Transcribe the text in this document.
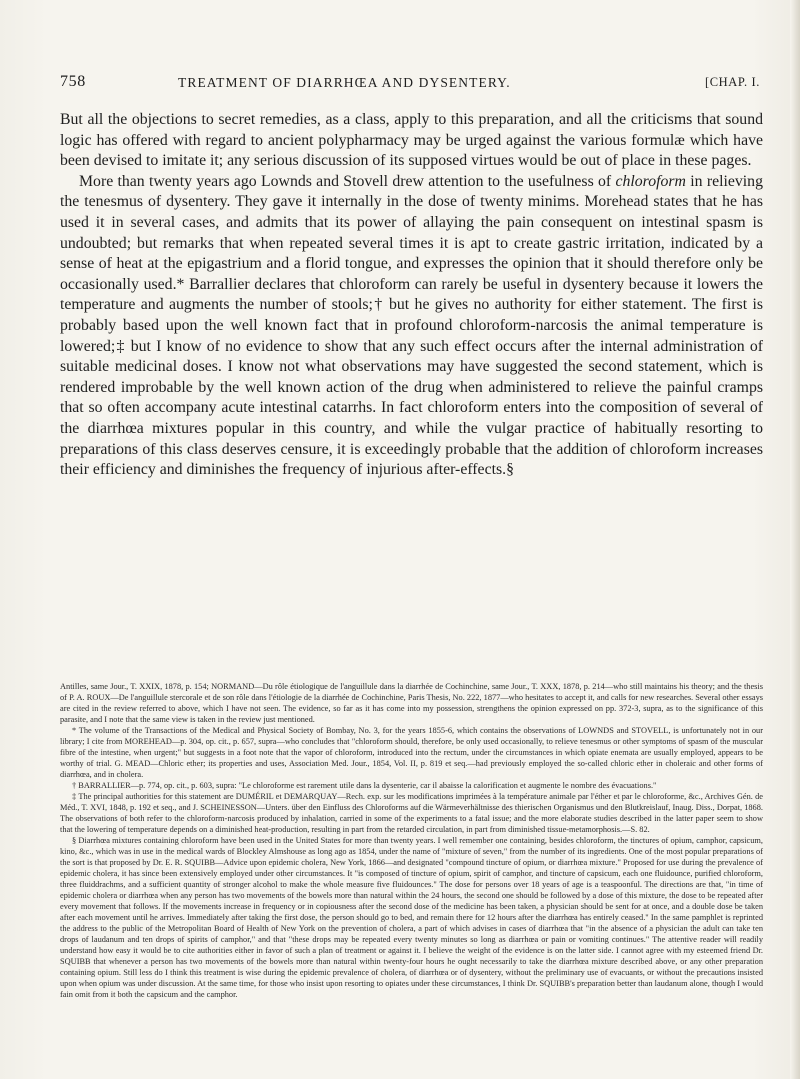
758	TREATMENT OF DIARRHŒA AND DYSENTERY.	[CHAP. I.

But all the objections to secret remedies, as a class, apply to this preparation, and all the criticisms that sound logic has offered with regard to ancient polypharmacy may be urged against the various formulæ which have been devised to imitate it; any serious discussion of its supposed virtues would be out of place in these pages.

More than twenty years ago Lownds and Stovell drew attention to the usefulness of chloroform in relieving the tenesmus of dysentery. They gave it internally in the dose of twenty minims. Morehead states that he has used it in several cases, and admits that its power of allaying the pain consequent on intestinal spasm is undoubted; but remarks that when repeated several times it is apt to create gastric irritation, indicated by a sense of heat at the epigastrium and a florid tongue, and expresses the opinion that it should therefore only be occasionally used.* Barrallier declares that chloroform can rarely be useful in dysentery because it lowers the temperature and augments the number of stools;† but he gives no authority for either statement. The first is probably based upon the well known fact that in profound chloroform-narcosis the animal temperature is lowered;‡ but I know of no evidence to show that any such effect occurs after the internal administration of suitable medicinal doses. I know not what observations may have suggested the second statement, which is rendered improbable by the well known action of the drug when administered to relieve the painful cramps that so often accompany acute intestinal catarrhs. In fact chloroform enters into the composition of several of the diarrhœa mixtures popular in this country, and while the vulgar practice of habitually resorting to preparations of this class deserves censure, it is exceedingly probable that the addition of chloroform increases their efficiency and diminishes the frequency of injurious after-effects.§

Antilles, same Jour., T. XXIX, 1878, p. 154; NORMAND—Du rôle étiologique de l'anguillule dans la diarrhée de Cochinchine, same Jour., T. XXX, 1878, p. 214—who still maintains his theory; and the thesis of P. A. ROUX—De l'anguillule stercorale et de son rôle dans l'étiologie de la diarrhée de Cochinchine, Paris Thesis, No. 222, 1877—who hesitates to accept it, and calls for new researches. Several other essays are cited in the review referred to above, which I have not seen. The evidence, so far as it has come into my possession, strengthens the opinion expressed on pp. 372-3, supra, as to the significance of this parasite, and I note that the same view is taken in the review just mentioned.

* The volume of the Transactions of the Medical and Physical Society of Bombay, No. 3, for the years 1855-6, which contains the observations of LOWNDS and STOVELL, is unfortunately not in our library; I cite from MOREHEAD—p. 304, op. cit., p. 657, supra—who concludes that "chloroform should, therefore, be only used occasionally, to relieve tenesmus or other symptoms of spasm of the muscular fibre of the intestine, when urgent;" but suggests in a foot note that the vapor of chloroform, introduced into the rectum, under the circumstances in which opiate enemata are usually employed, appears to be worthy of trial. G. MEAD—Chloric ether; its properties and uses, Association Med. Jour., 1854, Vol. II, p. 819 et seq.—had previously employed the so-called chloric ether in choleraic and other forms of diarrhœa, and in cholera.

† BARRALLIER—p. 774, op. cit., p. 603, supra: "Le chloroforme est rarement utile dans la dysenterie, car il abaisse la calorification et augmente le nombre des évacuations."

‡ The principal authorities for this statement are DUMÉRIL et DEMARQUAY—Rech. exp. sur les modifications imprimées à la température animale par l'éther et par le chloroforme, &c., Archives Gén. de Méd., T. XVI, 1848, p. 192 et seq., and J. SCHEINESSON—Unters. über den Einfluss des Chloroforms auf die Wärmeverhältnisse des thierischen Organismus und den Blutkreislauf, Inaug. Diss., Dorpat, 1868. The observations of both refer to the chloroform-narcosis produced by inhalation, carried in some of the experiments to a fatal issue; and the more elaborate studies described in the latter paper seem to show that the lowering of temperature depends on a diminished heat-production, resulting in part from the retarded circulation, in part from diminished tissue-metamorphosis.—S. 82.

§ Diarrhœa mixtures containing chloroform have been used in the United States for more than twenty years. I well remember one containing, besides chloroform, the tinctures of opium, camphor, capsicum, kino, &c., which was in use in the medical wards of Blockley Almshouse as long ago as 1854, under the name of "mixture of seven," from the number of its ingredients. One of the most popular preparations of the sort is that proposed by Dr. E. R. SQUIBB—Advice upon epidemic cholera, New York, 1866—and designated "compound tincture of opium, or diarrhœa mixture." Proposed for use during the prevalence of epidemic cholera, it has since been extensively employed under other circumstances. It "is composed of tincture of opium, spirit of camphor, and tincture of capsicum, each one fluidounce, purified chloroform, three fluiddrachms, and a sufficient quantity of stronger alcohol to make the whole measure five fluidounces." The dose for persons over 18 years of age is a teaspoonful. The directions are that, "in time of epidemic cholera or diarrhœa when any person has two movements of the bowels more than natural within the 24 hours, the second one should be followed by a dose of this mixture, the dose to be repeated after every movement that follows. If the movements increase in frequency or in copiousness after the second dose of the medicine has been taken, a physician should be sent for at once, and a double dose be taken after each movement until he arrives. Immediately after taking the first dose, the person should go to bed, and remain there for 12 hours after the diarrhœa has entirely ceased." In the same pamphlet is reprinted the address to the public of the Metropolitan Board of Health of New York on the prevention of cholera, a part of which advises in cases of diarrhœa that "in the absence of a physician the adult can take ten drops of laudanum and ten drops of spirits of camphor," and that "these drops may be repeated every twenty minutes so long as diarrhœa or pain or vomiting continues." The attentive reader will readily understand how easy it would be to cite authorities either in favor of such a plan of treatment or against it. I believe the weight of the evidence is on the latter side. I cannot agree with my esteemed friend Dr. SQUIBB that whenever a person has two movements of the bowels more than natural within twenty-four hours he ought necessarily to take the diarrhœa mixture described above, or any other preparation containing opium. Still less do I think this treatment is wise during the epidemic prevalence of cholera, of diarrhœa or of dysentery, without the preliminary use of evacuants, or without the precautions insisted upon when opium was under discussion. At the same time, for those who insist upon resorting to opiates under these circumstances, I think Dr. SQUIBB's preparation better than laudanum alone, though I would fain omit from it both the capsicum and the camphor.
